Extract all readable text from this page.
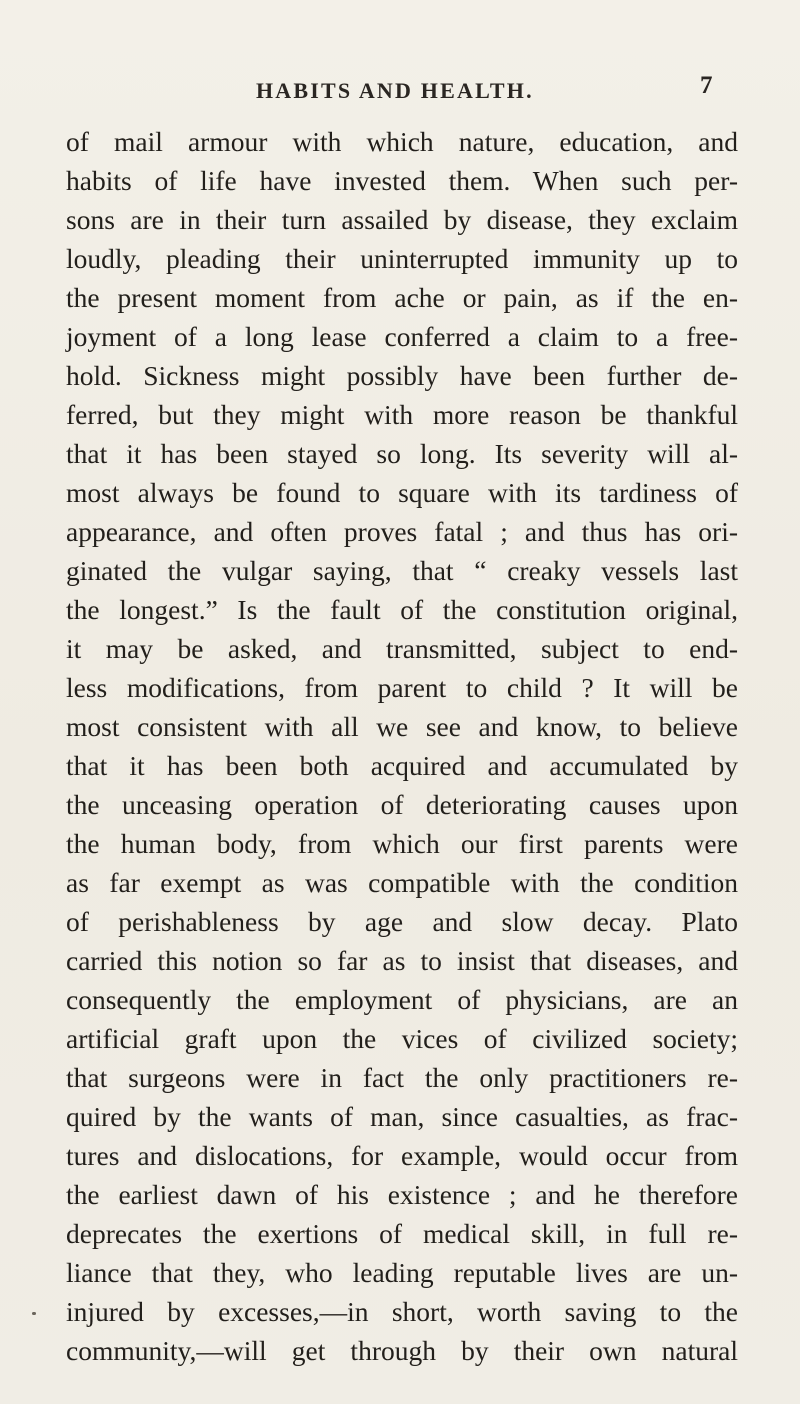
HABITS AND HEALTH.	7
of mail armour with which nature, education, and
habits of life have invested them. When such per-
sons are in their turn assailed by disease, they exclaim
loudly, pleading their uninterrupted immunity up to
the present moment from ache or pain, as if the en-
joyment of a long lease conferred a claim to a free-
hold. Sickness might possibly have been further de-
ferred, but they might with more reason be thankful
that it has been stayed so long. Its severity will al-
most always be found to square with its tardiness of
appearance, and often proves fatal ; and thus has ori-
ginated the vulgar saying, that “ creaky vessels last
the longest.” Is the fault of the constitution original,
it may be asked, and transmitted, subject to end-
less modifications, from parent to child ? It will be
most consistent with all we see and know, to believe
that it has been both acquired and accumulated by
the unceasing operation of deteriorating causes upon
the human body, from which our first parents were
as far exempt as was compatible with the condition
of perishableness by age and slow decay. Plato
carried this notion so far as to insist that diseases, and
consequently the employment of physicians, are an
artificial graft upon the vices of civilized society;
that surgeons were in fact the only practitioners re-
quired by the wants of man, since casualties, as frac-
tures and dislocations, for example, would occur from
the earliest dawn of his existence ; and he therefore
deprecates the exertions of medical skill, in full re-
liance that they, who leading reputable lives are un-
injured by excesses,—in short, worth saving to the
community,—will get through by their own natural
